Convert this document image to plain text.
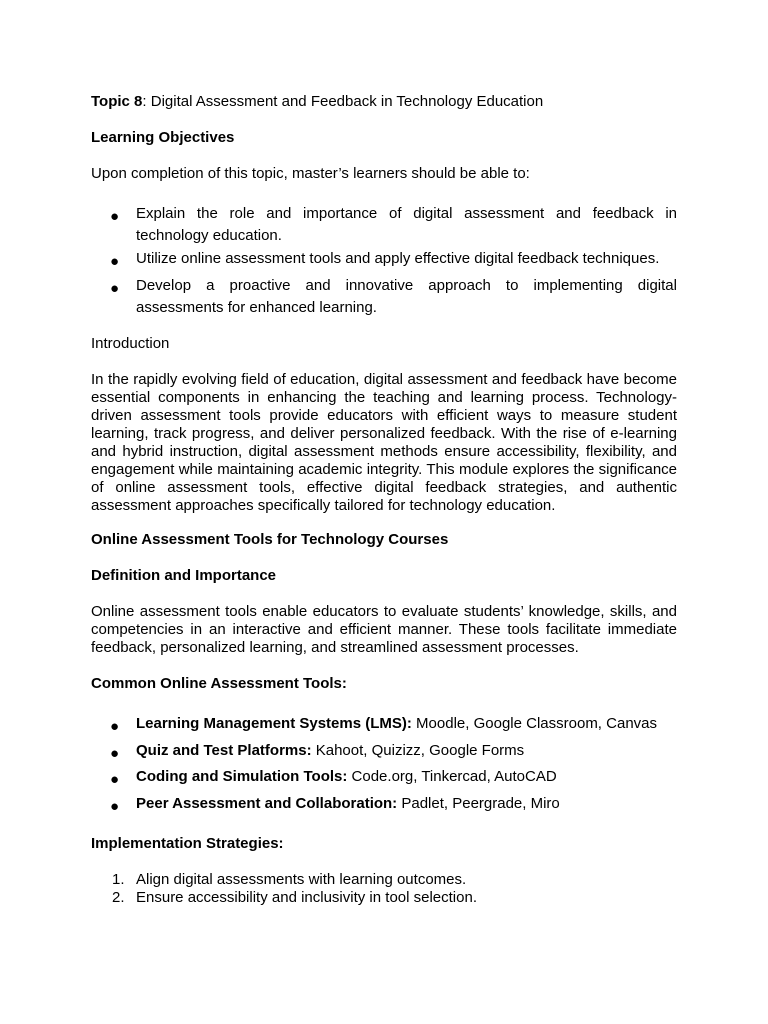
Topic 8: Digital Assessment and Feedback in Technology Education

Learning Objectives

Upon completion of this topic, master’s learners should be able to:

●	Explain the role and importance of digital assessment and feedback in technology education.

●	Utilize online assessment tools and apply effective digital feedback techniques.

●	Develop a proactive and innovative approach to implementing digital assessments for enhanced learning.

Introduction

In the rapidly evolving field of education, digital assessment and feedback have become essential components in enhancing the teaching and learning process. Technology-driven assessment tools provide educators with efficient ways to measure student learning, track progress, and deliver personalized feedback. With the rise of e-learning and hybrid instruction, digital assessment methods ensure accessibility, flexibility, and engagement while maintaining academic integrity. This module explores the significance of online assessment tools, effective digital feedback strategies, and authentic assessment approaches specifically tailored for technology education.

Online Assessment Tools for Technology Courses

Definition and Importance

Online assessment tools enable educators to evaluate students’ knowledge, skills, and competencies in an interactive and efficient manner. These tools facilitate immediate feedback, personalized learning, and streamlined assessment processes.

Common Online Assessment Tools:

●	Learning Management Systems (LMS): Moodle, Google Classroom, Canvas

●	Quiz and Test Platforms: Kahoot, Quizizz, Google Forms

●	Coding and Simulation Tools: Code.org, Tinkercad, AutoCAD

●	Peer Assessment and Collaboration: Padlet, Peergrade, Miro

Implementation Strategies:

1. Align digital assessments with learning outcomes.

2. Ensure accessibility and inclusivity in tool selection.
